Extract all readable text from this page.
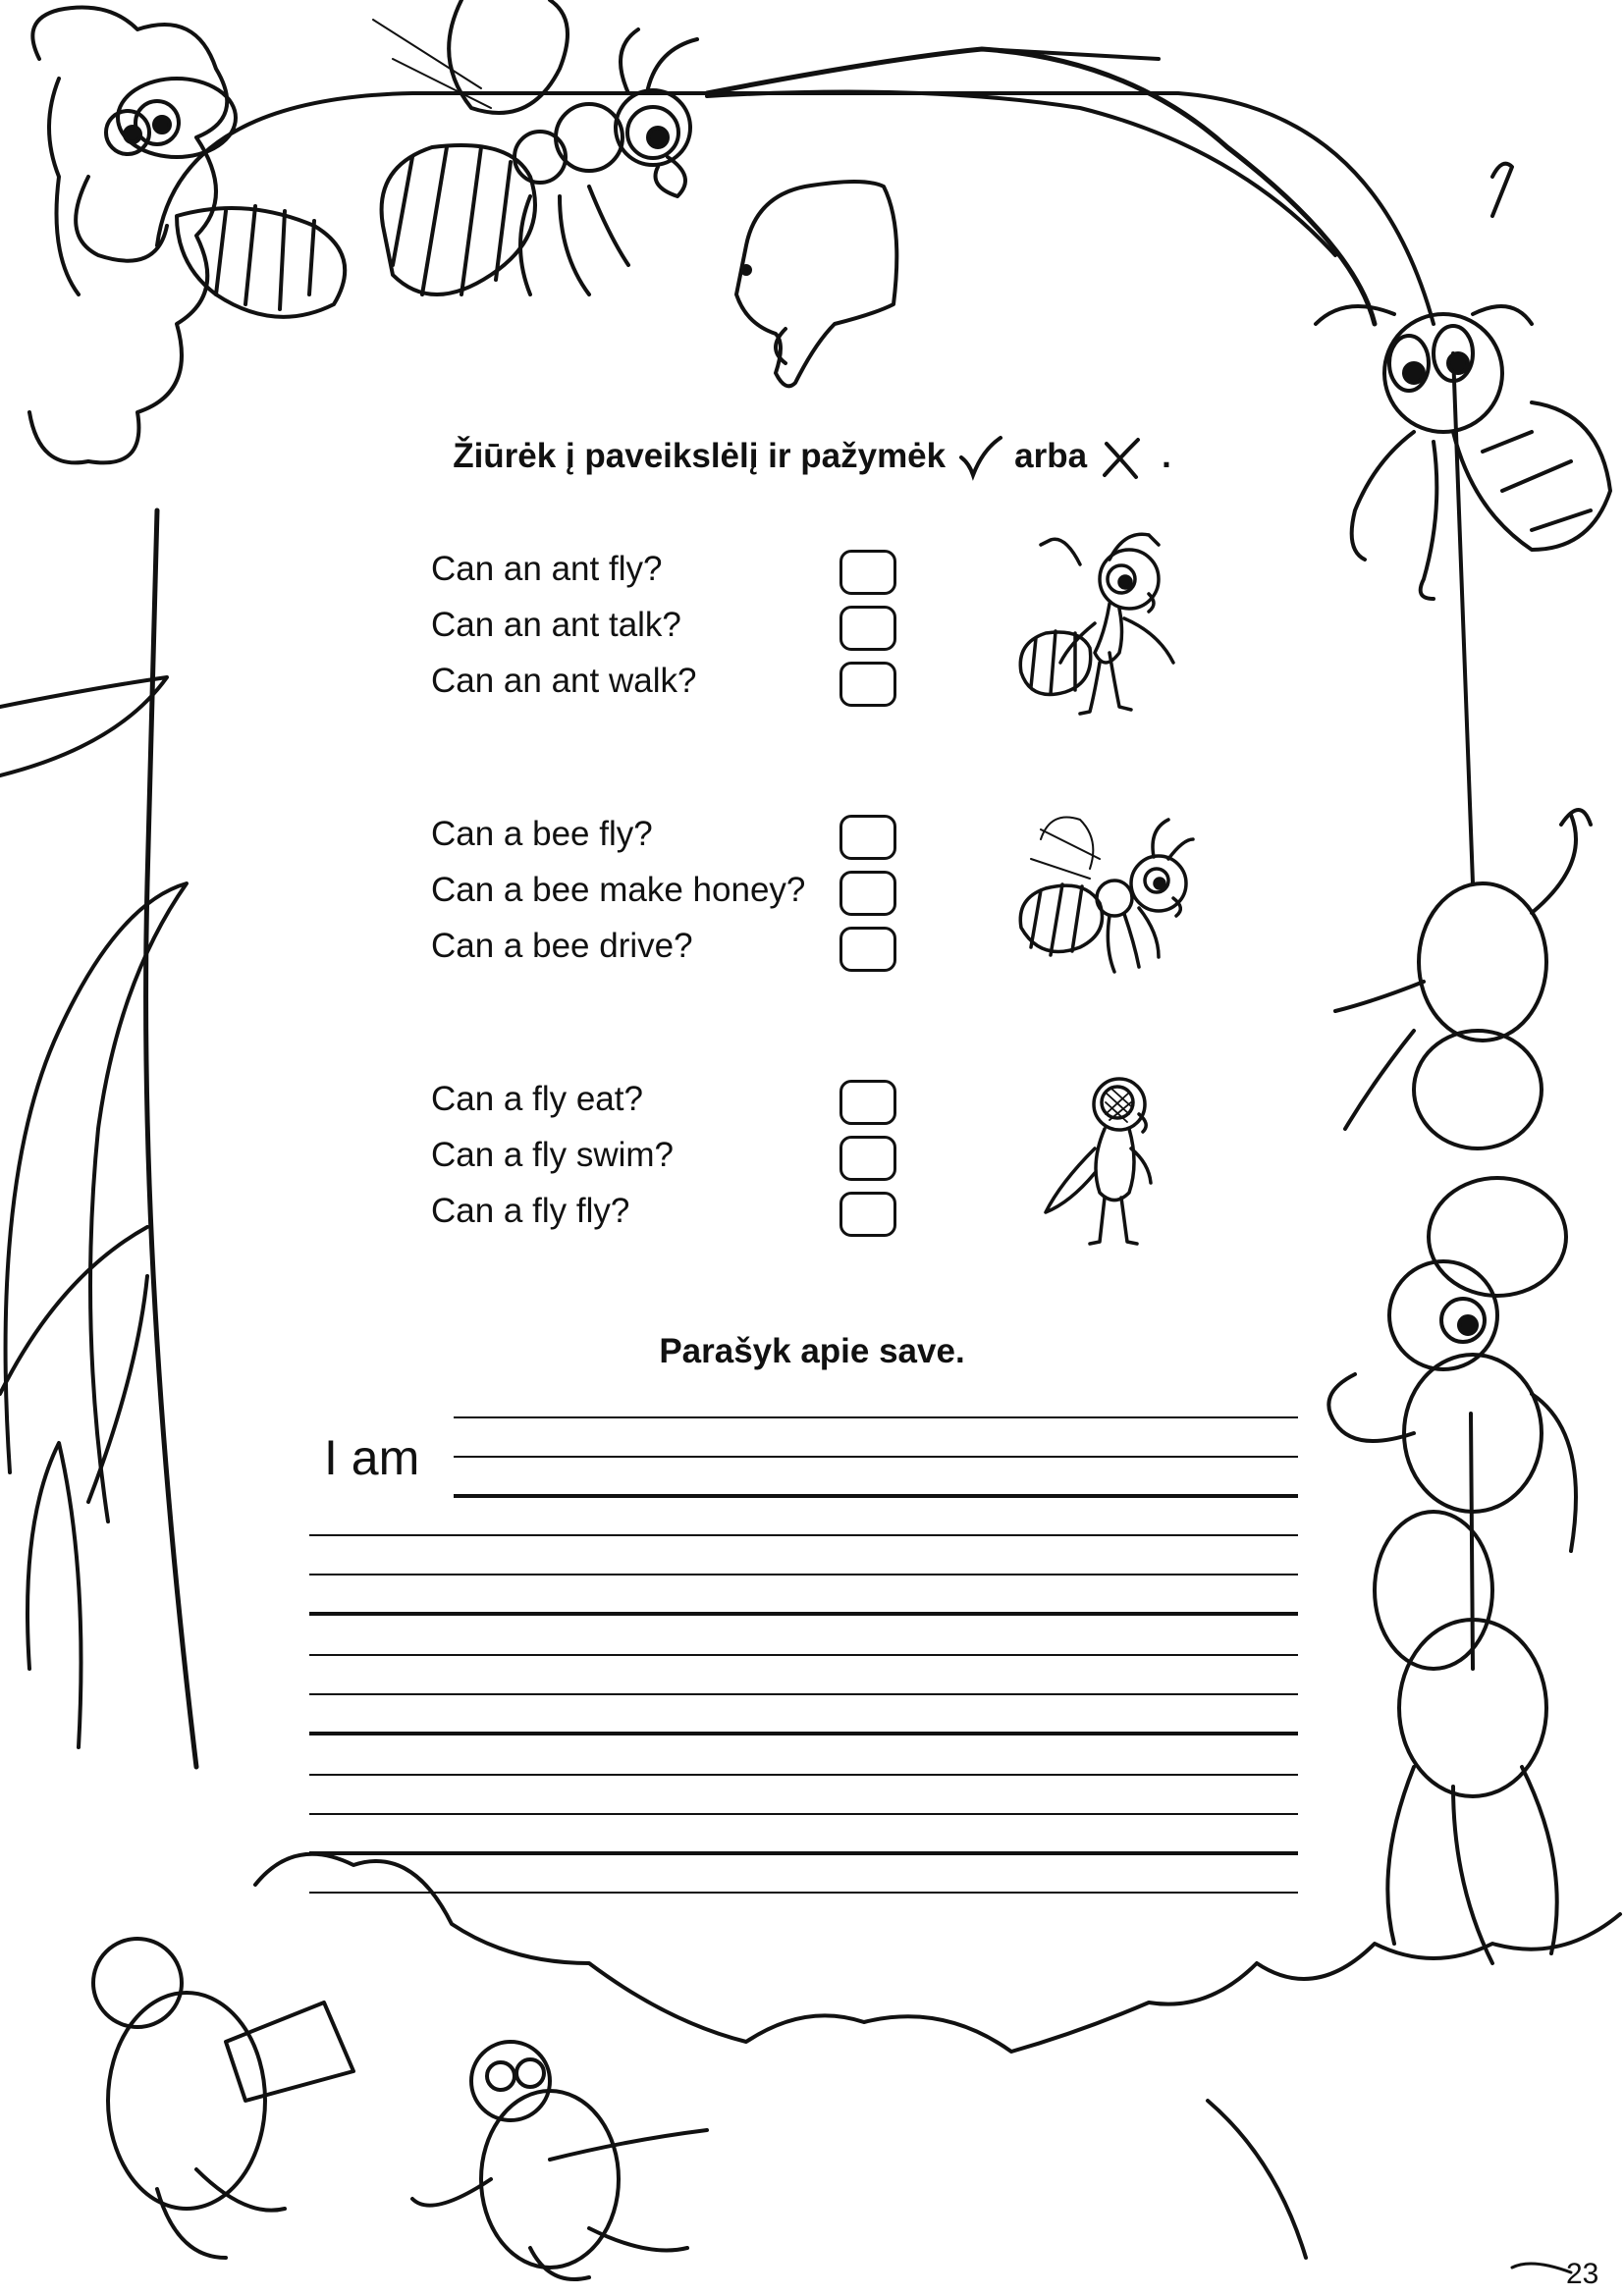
Žiūrėk į paveikslėlį ir pažymėk arba .
Can an ant fly?
Can an ant talk?
Can an ant walk?
Can a bee fly?
Can a bee make honey?
Can a bee drive?
Can a fly eat?
Can a fly swim?
Can a fly fly?
Parašyk apie save.
I am
23
